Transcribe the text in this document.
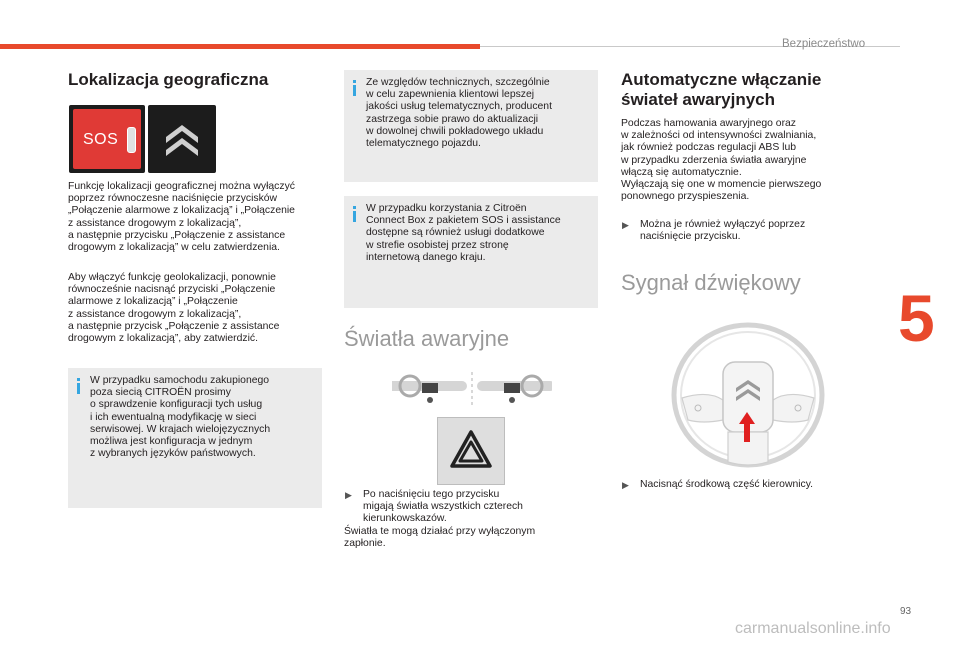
Bezpieczeństwo
5
93
carmanualsonline.info
Lokalizacja geograficzna
SOS
Funkcję lokalizacji geograficznej można wyłączyć
poprzez równoczesne naciśnięcie przycisków
„Połączenie alarmowe z lokalizacją” i „Połączenie
z assistance drogowym z lokalizacją”,
a następnie przycisku „Połączenie z assistance
drogowym z lokalizacją” w celu zatwierdzenia.
Aby włączyć funkcję geolokalizacji, ponownie
równocześnie nacisnąć przyciski „Połączenie
alarmowe z lokalizacją” i „Połączenie
z assistance drogowym z lokalizacją”,
a następnie przycisk „Połączenie z assistance
drogowym z lokalizacją”, aby zatwierdzić.
W przypadku samochodu zakupionego
poza siecią CITROËN prosimy
o sprawdzenie konfiguracji tych usług
i ich ewentualną modyfikację w sieci
serwisowej. W krajach wielojęzycznych
możliwa jest konfiguracja w jednym
z wybranych języków państwowych.
Ze względów technicznych, szczególnie
w celu zapewnienia klientowi lepszej
jakości usług telematycznych, producent
zastrzega sobie prawo do aktualizacji
w dowolnej chwili pokładowego układu
telematycznego pojazdu.
W przypadku korzystania z Citroën
Connect Box z pakietem SOS i assistance
dostępne są również usługi dodatkowe
w strefie osobistej przez stronę
internetową danego kraju.
Światła awaryjne
▶ Po naciśnięciu tego przycisku
migają światła wszystkich czterech
kierunkowskazów.
Światła te mogą działać przy wyłączonym
zapłonie.
Automatyczne włączanie
świateł awaryjnych
Podczas hamowania awaryjnego oraz
w zależności od intensywności zwalniania,
jak również podczas regulacji ABS lub
w przypadku zderzenia światła awaryjne
włączą się automatycznie.
Wyłączają się one w momencie pierwszego
ponownego przyspieszenia.
▶ Można je również wyłączyć poprzez
naciśnięcie przycisku.
Sygnał dźwiękowy
▶ Nacisnąć środkową część kierownicy.
